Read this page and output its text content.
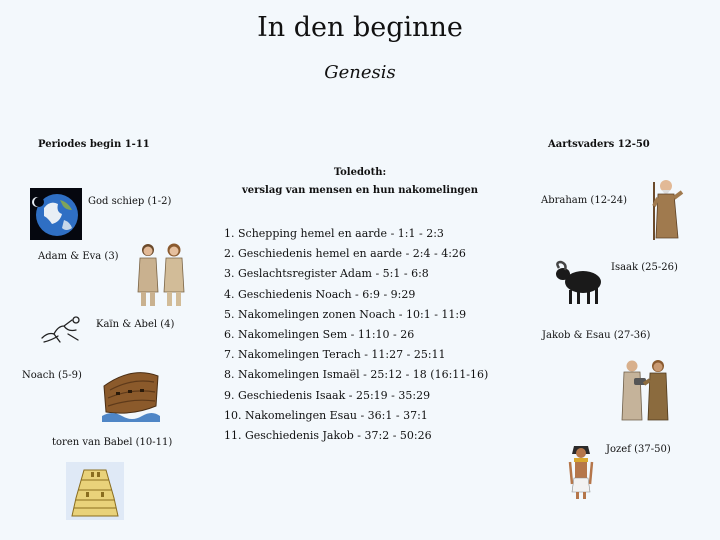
In den beginne
Genesis
Periodes begin 1-11	Aartsvaders 12-50
Toledoth:
verslag van mensen en hun nakomelingen
God schiep (1-2)
Adam & Eva (3)
Kaïn & Abel (4)
Noach (5-9)
toren van Babel (10-11)
Abraham (12-24)
Isaak (25-26)
Jakob & Esau (27-36)
Jozef (37-50)
1. Schepping hemel en aarde - 1:1 - 2:3
2. Geschiedenis hemel en aarde - 2:4 - 4:26
3. Geslachtsregister Adam - 5:1 - 6:8
4. Geschiedenis Noach - 6:9 - 9:29
5. Nakomelingen zonen Noach - 10:1 - 11:9
6. Nakomelingen Sem - 11:10 - 26
7. Nakomelingen Terach - 11:27 - 25:11
8. Nakomelingen Ismaël - 25:12 - 18 (16:11-16)
9. Geschiedenis Isaak - 25:19 - 35:29
10. Nakomelingen Esau - 36:1 - 37:1
11. Geschiedenis Jakob - 37:2 - 50:26
